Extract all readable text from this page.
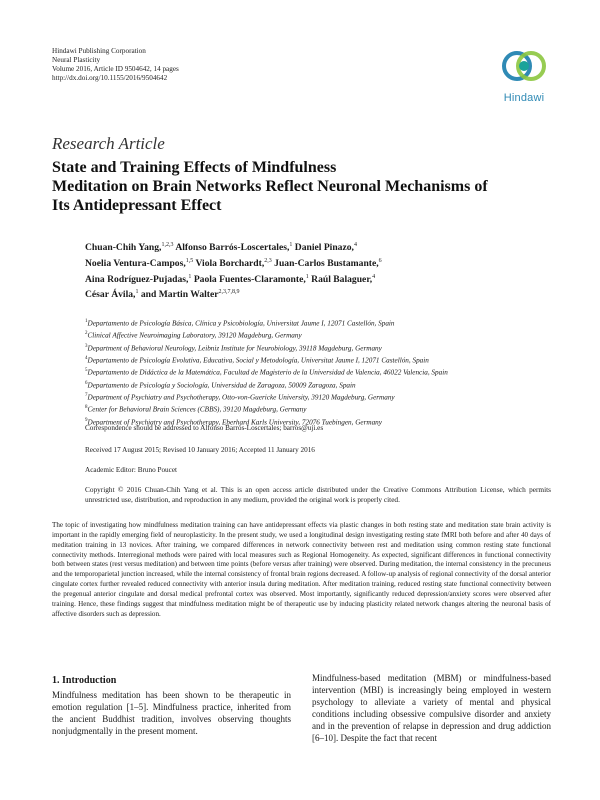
Hindawi Publishing Corporation
Neural Plasticity
Volume 2016, Article ID 9504642, 14 pages
http://dx.doi.org/10.1155/2016/9504642
Hindawi
Research Article
State and Training Effects of Mindfulness
Meditation on Brain Networks Reflect Neuronal Mechanisms of
Its Antidepressant Effect
Chuan-Chih Yang,$^{1,2,3}$ Alfonso Barrós-Loscertales,$^1$ Daniel Pinazo,$^4$
Noelia Ventura-Campos,$^{1,5}$ Viola Borchardt,$^{2,3}$ Juan-Carlos Bustamante,$^6$
Aina Rodríguez-Pujadas,$^1$ Paola Fuentes-Claramonte,$^1$ Raúl Balaguer,$^4$
César Ávila,$^1$ and Martin Walter$^{2,3,7,8,9}$
$^1$Departamento de Psicología Básica, Clínica y Psicobiología, Universitat Jaume I, 12071 Castellón, Spain
$^2$Clinical Affective Neuroimaging Laboratory, 39120 Magdeburg, Germany
$^3$Department of Behavioral Neurology, Leibniz Institute for Neurobiology, 39118 Magdeburg, Germany
$^4$Departamento de Psicología Evolutiva, Educativa, Social y Metodología, Universitat Jaume I, 12071 Castellón, Spain
$^5$Departamento de Didáctica de la Matemática, Facultad de Magisterio de la Universidad de Valencia, 46022 Valencia, Spain
$^6$Departamento de Psicología y Sociología, Universidad de Zaragoza, 50009 Zaragoza, Spain
$^7$Department of Psychiatry and Psychotherapy, Otto-von-Guericke University, 39120 Magdeburg, Germany
$^8$Center for Behavioral Brain Sciences (CBBS), 39120 Magdeburg, Germany
$^9$Department of Psychiatry and Psychotherapy, Eberhard Karls University, 72076 Tuebingen, Germany
Correspondence should be addressed to Alfonso Barrós-Loscertales; barros@uji.es
Received 17 August 2015; Revised 10 January 2016; Accepted 11 January 2016
Academic Editor: Bruno Poucet
Copyright © 2016 Chuan-Chih Yang et al. This is an open access article distributed under the Creative Commons Attribution License, which permits unrestricted use, distribution, and reproduction in any medium, provided the original work is properly cited.
The topic of investigating how mindfulness meditation training can have antidepressant effects via plastic changes in both resting state and meditation state brain activity is important in the rapidly emerging field of neuroplasticity. In the present study, we used a longitudinal design investigating resting state fMRI both before and after 40 days of meditation training in 13 novices. After training, we compared differences in network connectivity between rest and meditation using common resting state functional connectivity methods. Interregional methods were paired with local measures such as Regional Homogeneity. As expected, significant differences in functional connectivity both between states (rest versus meditation) and between time points (before versus after training) were observed. During meditation, the internal consistency in the precuneus and the temporoparietal junction increased, while the internal consistency of frontal brain regions decreased. A follow-up analysis of regional connectivity of the dorsal anterior cingulate cortex further revealed reduced connectivity with anterior insula during meditation. After meditation training, reduced resting state functional connectivity between the pregenual anterior cingulate and dorsal medical prefrontal cortex was observed. Most importantly, significantly reduced depression/anxiety scores were observed after training. Hence, these findings suggest that mindfulness meditation might be of therapeutic use by inducing plasticity related network changes altering the neuronal basis of affective disorders such as depression.
1. Introduction
Mindfulness meditation has been shown to be therapeutic in emotion regulation [1–5]. Mindfulness practice, inherited from the ancient Buddhist tradition, involves observing thoughts nonjudgmentally in the present moment.
Mindfulness-based meditation (MBM) or mindfulness-based intervention (MBI) is increasingly being employed in western psychology to alleviate a variety of mental and physical conditions including obsessive compulsive disorder and anxiety and in the prevention of relapse in depression and drug addiction [6–10]. Despite the fact that recent
